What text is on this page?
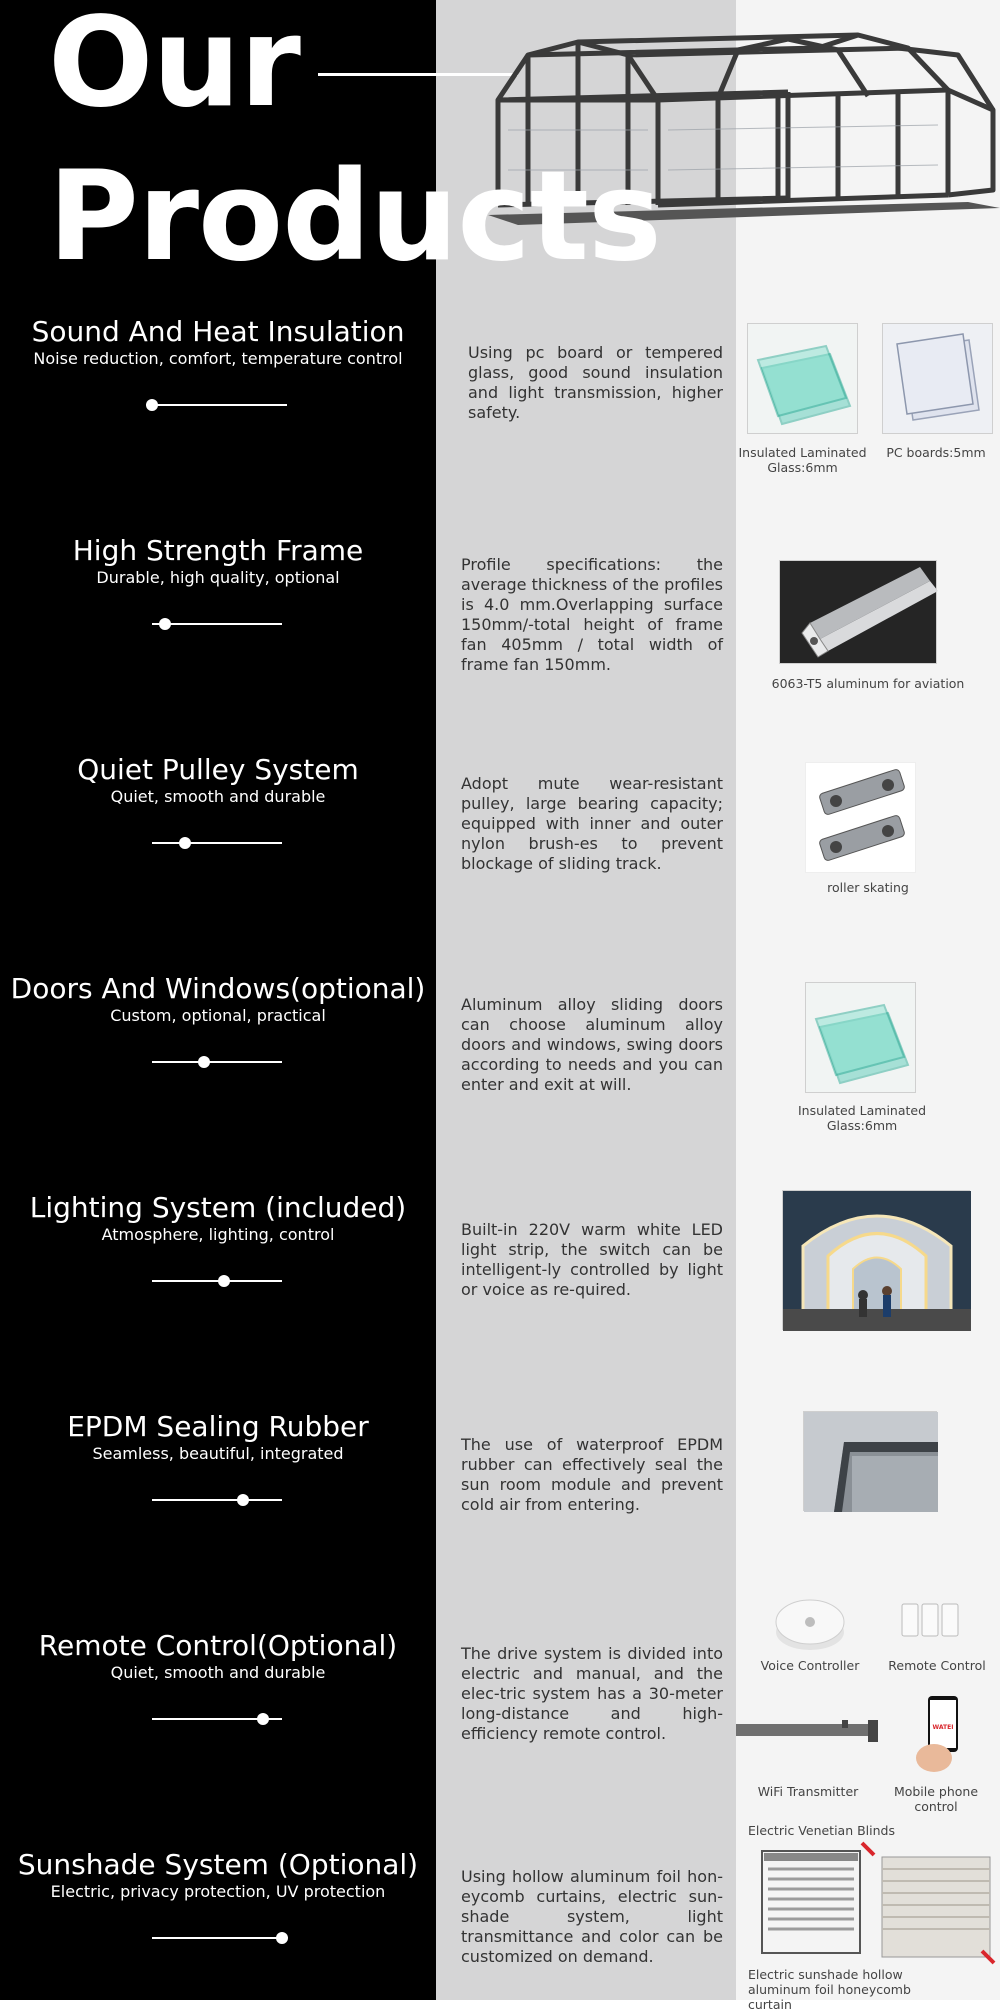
Our
Products
Sound And Heat Insulation

Noise reduction, comfort, temperature control	Using pc board or tempered glass, good sound insulation and light transmission, higher safety.

Insulated Laminated Glass:6mm
PC boards:5mm
High Strength Frame

Durable, high quality, optional

Profile specifications: the average thickness of the profiles is 4.0 mm.Overlapping surface 150mm/-total height of frame fan 405mm / total width of frame fan 150mm.

6063-T5 aluminum for aviation
Quiet Pulley System

Quiet, smooth and durable

Adopt mute wear-resistant pulley, large bearing capacity; equipped with inner and outer nylon brush-es to prevent blockage of sliding track.

roller skating
Doors And Windows(optional)

Custom, optional, practical

Aluminum alloy sliding doors can choose aluminum alloy doors and windows, swing doors according to needs and you can enter and exit at will.

Insulated Laminated Glass:6mm
Lighting System (included)

Atmosphere, lighting, control	Built-in 220V warm white LED light strip, the switch can be intelligent-ly controlled by light or voice as re-quired.

EPDM Sealing Rubber

Seamless, beautiful, integrated	The use of waterproof EPDM rubber can effectively seal the sun room module and prevent cold air from entering.

Remote Control(Optional)

Quiet, smooth and durable

The drive system is divided into electric and manual, and the elec-tric system has a 30-meter long-distance and high-efficiency remote control.

Voice Controller	Remote Control
WiFi Transmitter
WATEI
Mobile phone control
Sunshade System (Optional)

Electric, privacy protection, UV protection

Using hollow aluminum foil hon-eycomb curtains, electric sun-shade system, light transmittance and color can be customized on demand.

Electric Venetian Blinds
Electric sunshade hollow aluminum foil honeycomb curtain
